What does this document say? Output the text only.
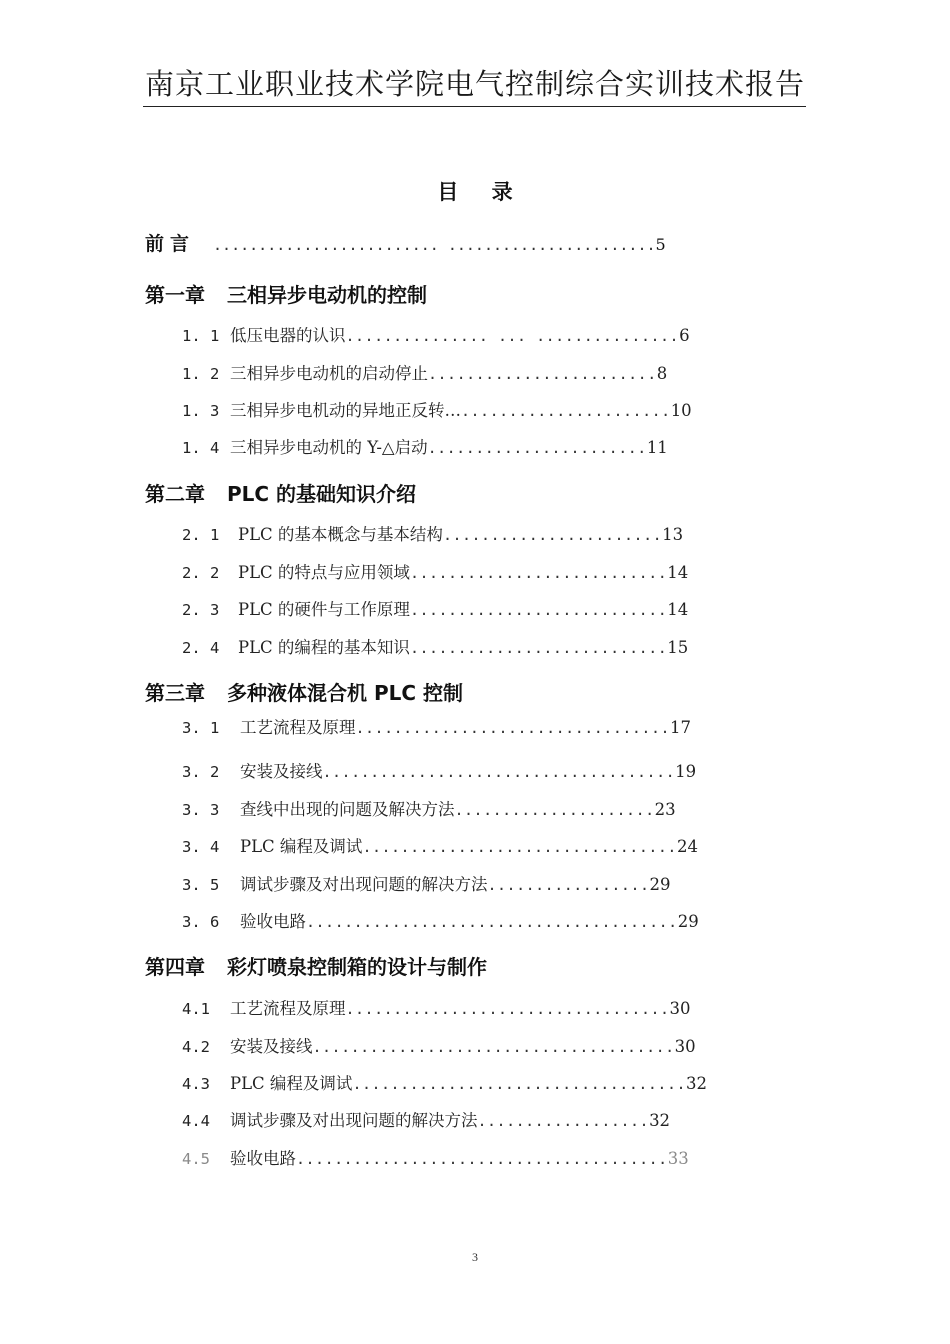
南京工业职业技术学院电气控制综合实训技术报告
目 录
前言 ......................... .......................5
第一章 三相异步电动机的控制
1. 1 低压电器的认识............... ... ...............6
1. 2 三相异步电动机的启动停止........................8
1. 3 三相异步电机动的异地正反转…......................10
1. 4 三相异步电动机的 Y-△启动.......................11
第二章 PLC 的基础知识介绍
2. 1 PLC 的基本概念与基本结构.......................13
2. 2 PLC 的特点与应用领域...........................14
2. 3 PLC 的硬件与工作原理...........................14
2. 4 PLC 的编程的基本知识...........................15
第三章 多种液体混合机 PLC 控制
3. 1 工艺流程及原理.................................17
3. 2 安装及接线.....................................19
3. 3 查线中出现的问题及解决方法.....................23
3. 4 PLC 编程及调试.................................24
3. 5 调试步骤及对出现问题的解决方法.................29
3. 6 验收电路.......................................29
第四章 彩灯喷泉控制箱的设计与制作
4.1 工艺流程及原理..................................30
4.2 安装及接线......................................30
4.3 PLC 编程及调试...................................32
4.4 调试步骤及对出现问题的解决方法..................32
4.5 验收电路.......................................33
3
